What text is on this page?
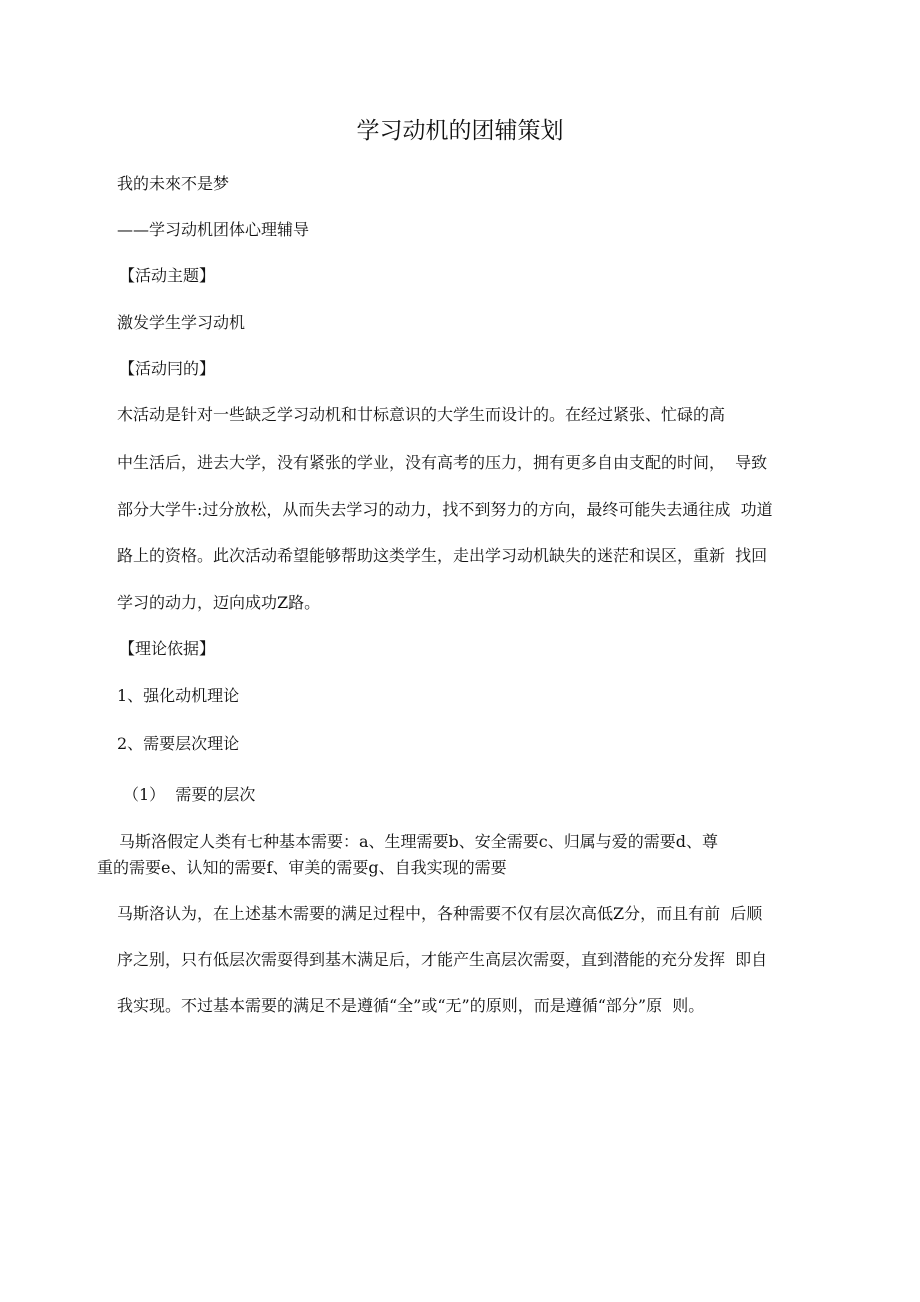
学习动机的团辅策划
我的未來不是梦
——学习动机团体心理辅导
【活动主题】
激发学生学习动机
【活动冃的】
木活动是针对一些缺乏学习动机和廿标意识的大学生而设计的。在经过紧张、忙碌的高
中生活后，进去大学，没有紧张的学业，没有高考的压力，拥有更多自由支配的时间，  导致
部分大学牛:过分放松，从而失去学习的动力，找不到努力的方向，最终可能失去通往成  功道
路上的资格。此次活动希望能够帮助这类学生，走出学习动机缺失的迷茫和误区，重新  找回
学习的动力，迈向成功Z路。
【理论依据】
1、强化动机理论
2、需要层次理论
（1）  需要的层次
马斯洛假定人类有七种基本需要：a、生理需要b、安全需要c、归属与爱的需要d、尊
重的需要e、认知的需要f、审美的需要g、自我实现的需要
马斯洛认为，在上述基木需要的满足过程中，各种需要不仅有层次高低Z分，而且有前  后顺
序之别，只冇低层次需耍得到基木满足后，才能产生高层次需耍，直到潜能的充分发挥  即自
我实现。不过基本需要的满足不是遵循“全”或“无”的原则，而是遵循“部分”原  则。
